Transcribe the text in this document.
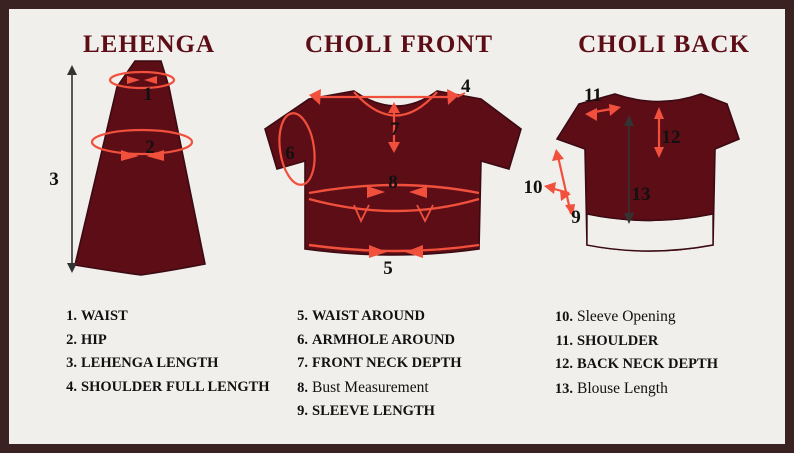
LEHENGA	CHOLI FRONT	CHOLI BACK
1
2
3
4
6
7
8
5
11
12
10
9
13
1. WAIST
2. HIP
3. LEHENGA LENGTH
4. SHOULDER FULL LENGTH
5. WAIST AROUND
6. ARMHOLE AROUND
7. FRONT NECK DEPTH
8. Bust Measurement
9. SLEEVE LENGTH
10. Sleeve Opening
11. SHOULDER
12. BACK NECK DEPTH
13. Blouse Length
